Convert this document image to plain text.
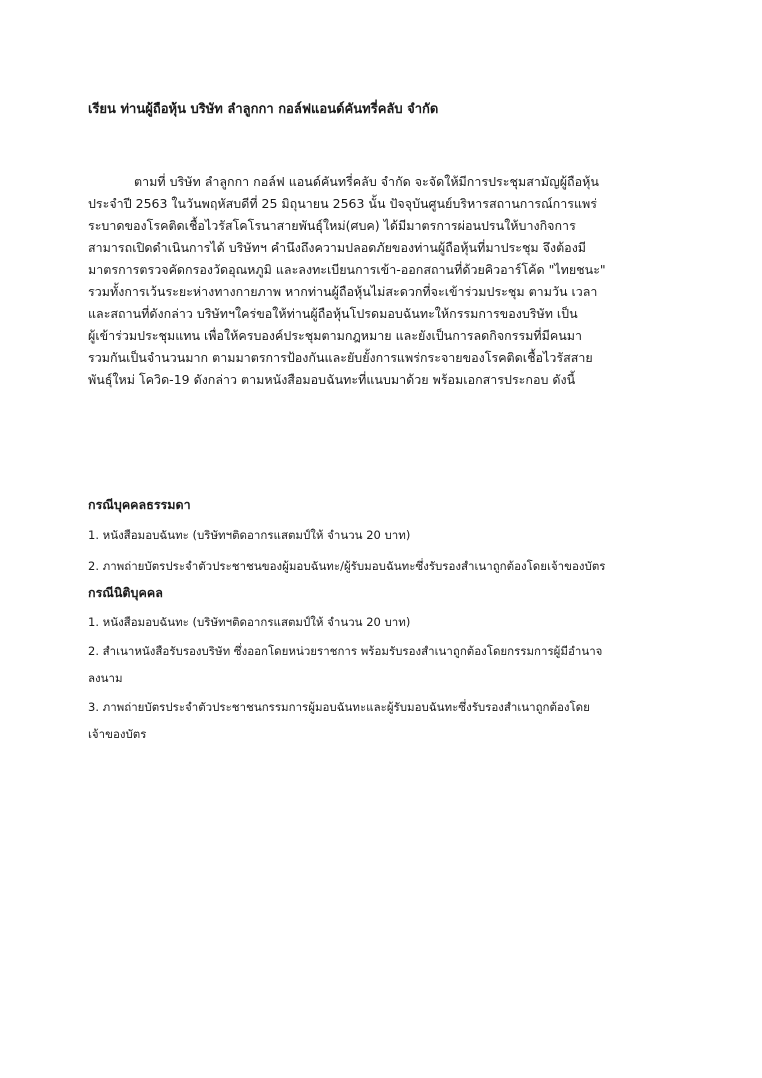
เรียน ท่านผู้ถือหุ้น บริษัท ลำลูกกา กอล์ฟแอนด์คันทรี่คลับ จำกัด
ตามที่ บริษัท ลำลูกกา กอล์ฟ แอนด์คันทรี่คลับ จำกัด จะจัดให้มีการประชุมสามัญผู้ถือหุ้น
ประจำปี 2563 ในวันพฤหัสบดีที่ 25 มิถุนายน 2563 นั้น ปัจจุบันศูนย์บริหารสถานการณ์การแพร่
ระบาดของโรคติดเชื้อไวรัสโคโรนาสายพันธุ์ใหม่(ศบค) ได้มีมาตรการผ่อนปรนให้บางกิจการ
สามารถเปิดดำเนินการได้ บริษัทฯ คำนึงถึงความปลอดภัยของท่านผู้ถือหุ้นที่มาประชุม จึงต้องมี
มาตรการตรวจคัดกรองวัดอุณหภูมิ และลงทะเบียนการเข้า-ออกสถานที่ด้วยคิวอาร์โค้ด "ไทยชนะ"
รวมทั้งการเว้นระยะห่างทางกายภาพ หากท่านผู้ถือหุ้นไม่สะดวกที่จะเข้าร่วมประชุม ตามวัน เวลา
และสถานที่ดังกล่าว บริษัทฯใคร่ขอให้ท่านผู้ถือหุ้นโปรดมอบฉันทะให้กรรมการของบริษัท เป็น
ผู้เข้าร่วมประชุมแทน เพื่อให้ครบองค์ประชุมตามกฎหมาย และยังเป็นการลดกิจกรรมที่มีคนมา
รวมกันเป็นจำนวนมาก ตามมาตรการป้องกันและยับยั้งการแพร่กระจายของโรคติดเชื้อไวรัสสาย
พันธุ์ใหม่ โควิด-19 ดังกล่าว ตามหนังสือมอบฉันทะที่แนบมาด้วย พร้อมเอกสารประกอบ ดังนี้
กรณีบุคคลธรรมดา
1. หนังสือมอบฉันทะ (บริษัทฯติดอากรแสตมป์ให้ จำนวน 20 บาท)
2. ภาพถ่ายบัตรประจำตัวประชาชนของผู้มอบฉันทะ/ผู้รับมอบฉันทะซึ่งรับรองสำเนาถูกต้องโดยเจ้าของบัตร
กรณีนิติบุคคล
1. หนังสือมอบฉันทะ (บริษัทฯติดอากรแสตมป์ให้ จำนวน 20 บาท)
2. สำเนาหนังสือรับรองบริษัท ซึ่งออกโดยหน่วยราชการ พร้อมรับรองสำเนาถูกต้องโดยกรรมการผู้มีอำนาจ
ลงนาม
3. ภาพถ่ายบัตรประจำตัวประชาชนกรรมการผู้มอบฉันทะและผู้รับมอบฉันทะซึ่งรับรองสำเนาถูกต้องโดย
เจ้าของบัตร
